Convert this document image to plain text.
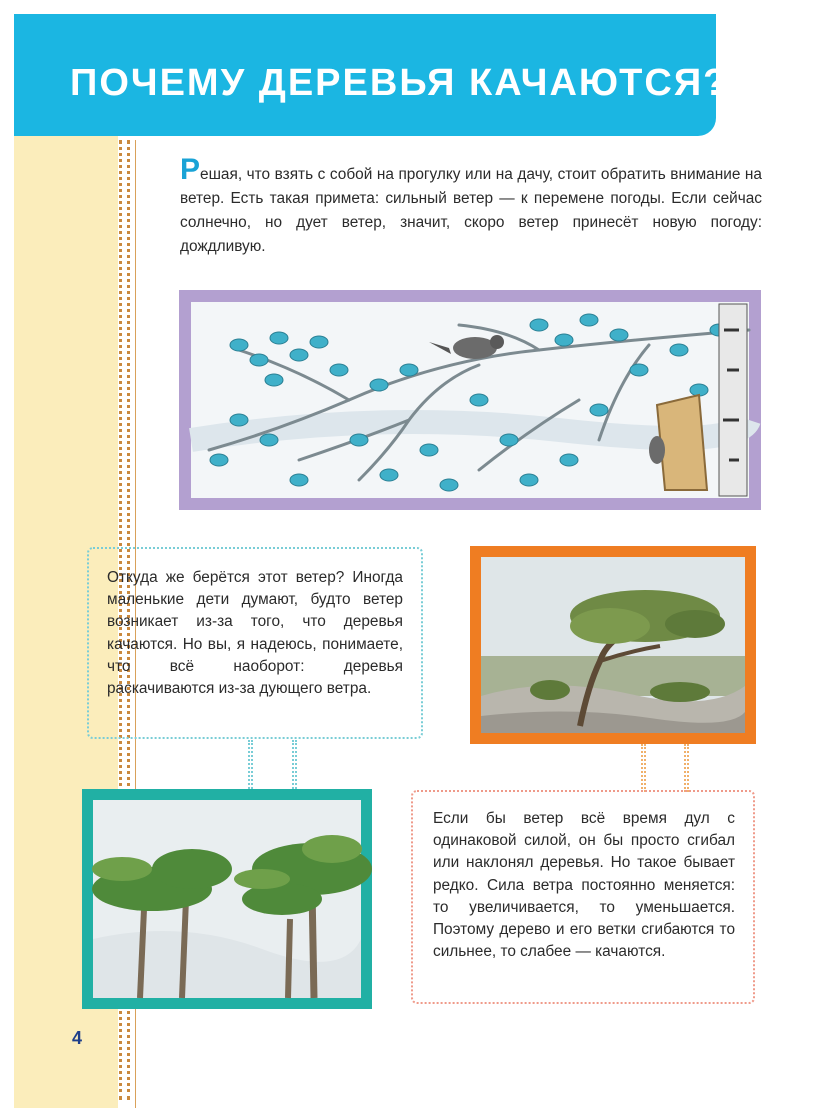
ПОЧЕМУ ДЕРЕВЬЯ КАЧАЮТСЯ?
Решая, что взять с собой на прогулку или на дачу, стоит обратить внимание на ветер. Есть такая примета: сильный ветер — к перемене погоды. Если сейчас солнечно, но дует ветер, значит, скоро ветер принесёт новую погоду: дождливую.

Откуда же берётся этот ветер? Иногда маленькие дети думают, будто ветер возникает из-за того, что деревья качаются. Но вы, я надеюсь, понимаете, что всё наоборот: деревья раскачиваются из-за дующего ветра.

Если бы ветер всё время дул с одинаковой силой, он бы просто сгибал или наклонял деревья. Но такое бывает редко. Сила ветра постоянно меняется: то увеличивается, то уменьшается. Поэтому дерево и его ветки сгибаются то сильнее, то слабее — качаются.

4
